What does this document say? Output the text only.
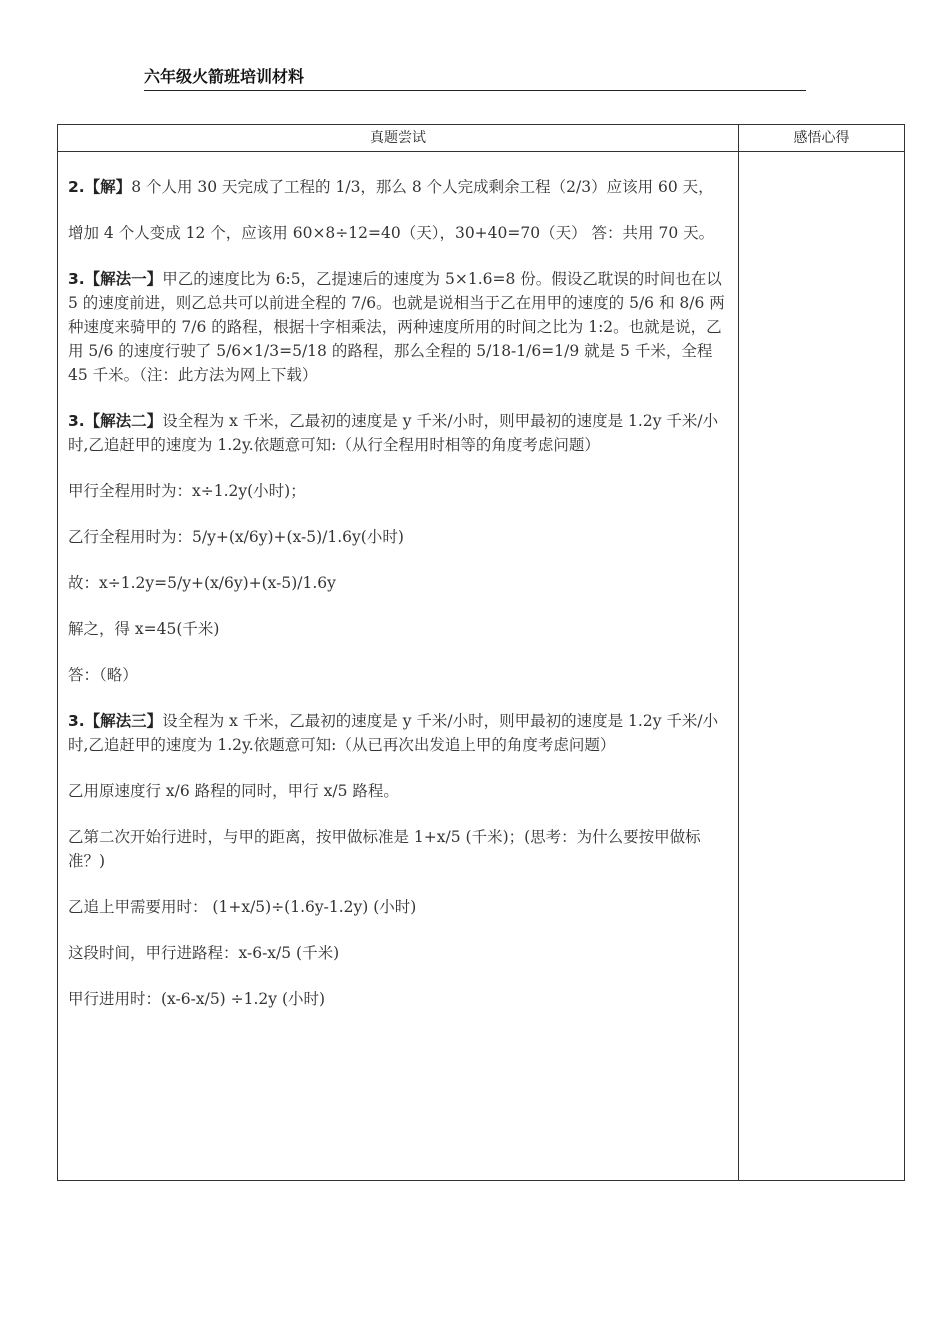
六年级火箭班培训材料
真题尝试	感悟心得

2.【解】8 个人用 30 天完成了工程的 1/3，那么 8 个人完成剩余工程（2/3）应该用 60 天，

增加 4 个人变成 12 个，应该用 60×8÷12=40（天），30+40=70（天） 答：共用 70 天。

3.【解法一】甲乙的速度比为 6:5，乙提速后的速度为 5×1.6=8 份。假设乙耽误的时间也在以 5 的速度前进，则乙总共可以前进全程的 7/6。也就是说相当于乙在用甲的速度的 5/6 和 8/6 两种速度来骑甲的 7/6 的路程，根据十字相乘法，两种速度所用的时间之比为 1:2。也就是说，乙用 5/6 的速度行驶了 5/6×1/3=5/18 的路程，那么全程的 5/18-1/6=1/9 就是 5 千米，全程 45 千米。（注：此方法为网上下载）

3.【解法二】设全程为 x 千米，乙最初的速度是 y 千米/小时，则甲最初的速度是 1.2y 千米/小时,乙追赶甲的速度为 1.2y.依题意可知:（从行全程用时相等的角度考虑问题）

甲行全程用时为：x÷1.2y(小时)；

乙行全程用时为：5/y+(x/6y)+(x-5)/1.6y(小时)

故：x÷1.2y=5/y+(x/6y)+(x-5)/1.6y

解之，得 x=45(千米)

答：（略）

3.【解法三】设全程为 x 千米，乙最初的速度是 y 千米/小时，则甲最初的速度是 1.2y 千米/小时,乙追赶甲的速度为 1.2y.依题意可知:（从已再次出发追上甲的角度考虑问题）

乙用原速度行 x/6 路程的同时，甲行 x/5 路程。

乙第二次开始行进时，与甲的距离，按甲做标准是 1+x/5 (千米)；(思考：为什么要按甲做标准？)

乙追上甲需要用时： (1+x/5)÷(1.6y-1.2y) (小时)

这段时间，甲行进路程：x-6-x/5 (千米)

甲行进用时：(x-6-x/5) ÷1.2y (小时)
